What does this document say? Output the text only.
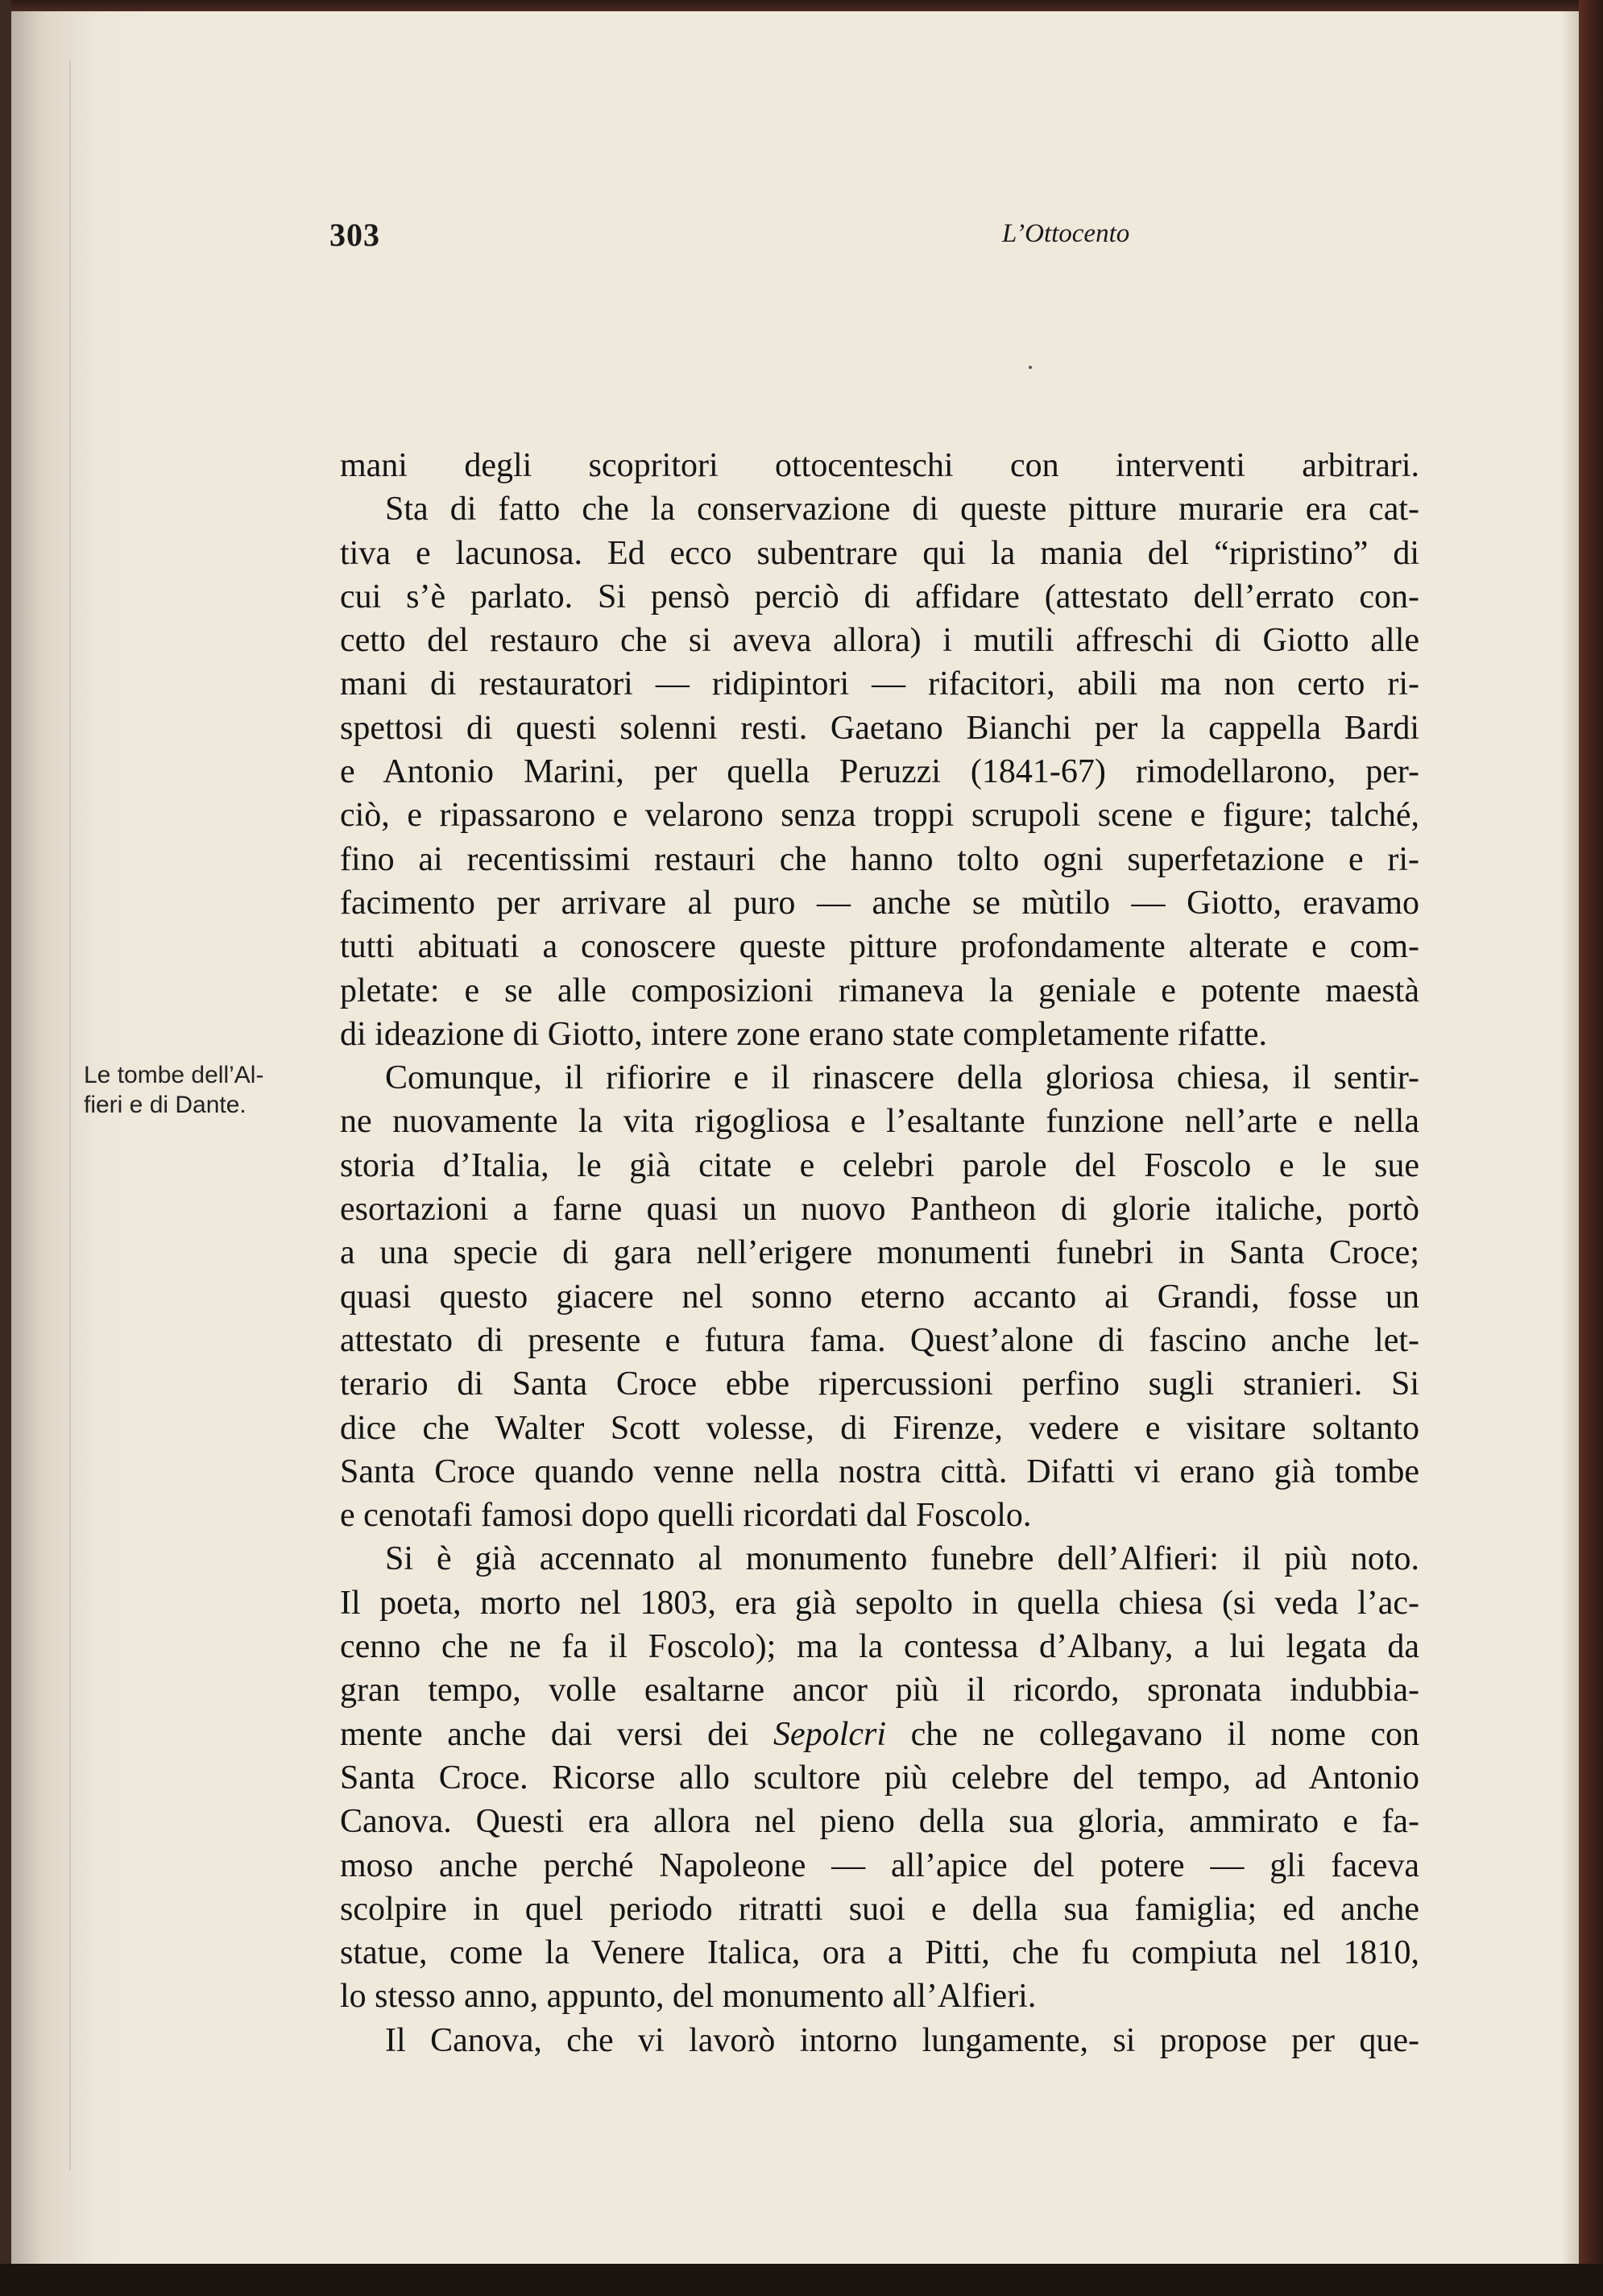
303	L’Ottocento
Le tombe dell’Al-
fieri e di Dante.
mani degli scopritori ottocenteschi con interventi arbitrari.
Sta di fatto che la conservazione di queste pitture murarie era cat-
tiva e lacunosa. Ed ecco subentrare qui la mania del “ripristino” di
cui s’è parlato. Si pensò perciò di affidare (attestato dell’errato con-
cetto del restauro che si aveva allora) i mutili affreschi di Giotto alle
mani di restauratori — ridipintori — rifacitori, abili ma non certo ri-
spettosi di questi solenni resti. Gaetano Bianchi per la cappella Bardi
e Antonio Marini, per quella Peruzzi (1841-67) rimodellarono, per-
ciò, e ripassarono e velarono senza troppi scrupoli scene e figure; talché,
fino ai recentissimi restauri che hanno tolto ogni superfetazione e ri-
facimento per arrivare al puro — anche se mùtilo — Giotto, eravamo
tutti abituati a conoscere queste pitture profondamente alterate e com-
pletate: e se alle composizioni rimaneva la geniale e potente maestà
di ideazione di Giotto, intere zone erano state completamente rifatte.
Comunque, il rifiorire e il rinascere della gloriosa chiesa, il sentir-
ne nuovamente la vita rigogliosa e l’esaltante funzione nell’arte e nella
storia d’Italia, le già citate e celebri parole del Foscolo e le sue
esortazioni a farne quasi un nuovo Pantheon di glorie italiche, portò
a una specie di gara nell’erigere monumenti funebri in Santa Croce;
quasi questo giacere nel sonno eterno accanto ai Grandi, fosse un
attestato di presente e futura fama. Quest’alone di fascino anche let-
terario di Santa Croce ebbe ripercussioni perfino sugli stranieri. Si
dice che Walter Scott volesse, di Firenze, vedere e visitare soltanto
Santa Croce quando venne nella nostra città. Difatti vi erano già tombe
e cenotafi famosi dopo quelli ricordati dal Foscolo.
Si è già accennato al monumento funebre dell’Alfieri: il più noto.
Il poeta, morto nel 1803, era già sepolto in quella chiesa (si veda l’ac-
cenno che ne fa il Foscolo); ma la contessa d’Albany, a lui legata da
gran tempo, volle esaltarne ancor più il ricordo, spronata indubbia-
mente anche dai versi dei Sepolcri che ne collegavano il nome con
Santa Croce. Ricorse allo scultore più celebre del tempo, ad Antonio
Canova. Questi era allora nel pieno della sua gloria, ammirato e fa-
moso anche perché Napoleone — all’apice del potere — gli faceva
scolpire in quel periodo ritratti suoi e della sua famiglia; ed anche
statue, come la Venere Italica, ora a Pitti, che fu compiuta nel 1810,
lo stesso anno, appunto, del monumento all’Alfieri.
Il Canova, che vi lavorò intorno lungamente, si propose per que-
